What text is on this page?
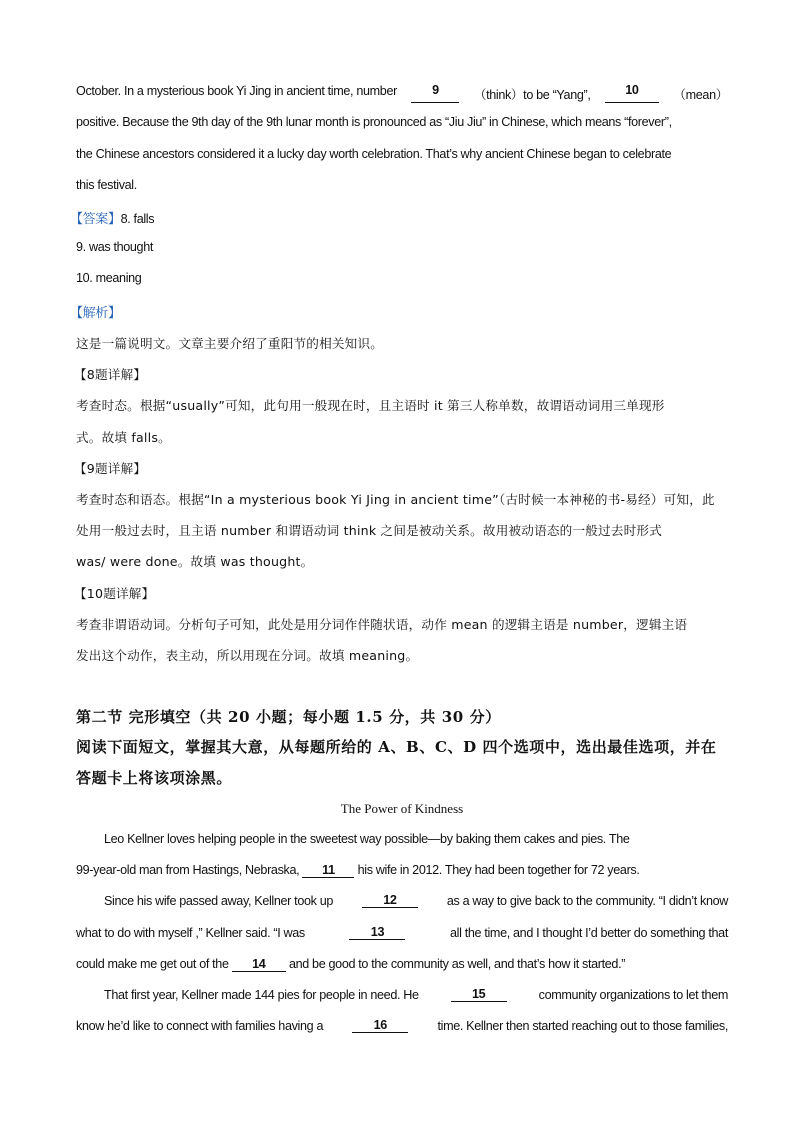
October. In a mysterious book Yi Jing in ancient time, number	9	（think）to be “Yang”,	10	（mean）
positive. Because the 9th day of the 9th lunar month is pronounced as “Jiu Jiu” in Chinese, which means “forever”,
the Chinese ancestors considered it a lucky day worth celebration. That’s why ancient Chinese began to celebrate
this festival.
【答案】8. falls
9. was thought
10. meaning
【解析】
这是一篇说明文。文章主要介绍了重阳节的相关知识。
【8题详解】
考查时态。根据“usually”可知，此句用一般现在时，且主语时 it 第三人称单数，故谓语动词用三单现形
式。故填 falls。
【9题详解】
考查时态和语态。根据“In a mysterious book Yi Jing in ancient time”（古时候一本神秘的书-易经）可知，此
处用一般过去时，且主语 number 和谓语动词 think 之间是被动关系。故用被动语态的一般过去时形式
was/ were done。故填 was thought。
【10题详解】
考查非谓语动词。分析句子可知，此处是用分词作伴随状语，动作 mean 的逻辑主语是 number，逻辑主语
发出这个动作，表主动，所以用现在分词。故填 meaning。
第二节 完形填空（共 20 小题；每小题 1.5 分，共 30 分）
阅读下面短文，掌握其大意，从每题所给的 A、B、C、D 四个选项中，选出最佳选项，并在
答题卡上将该项涂黑。
The Power of Kindness
Leo Kellner loves helping people in the sweetest way possible—by baking them cakes and pies. The
99-year-old man from Hastings, Nebraska, 11 his wife in 2012. They had been together for 72 years.
Since his wife passed away, Kellner took up	12	as a way to give back to the community. “I didn’t know
what to do with myself ,” Kellner said. “I was	13	all the time, and I thought I’d better do something that
could make me get out of the 14 and be good to the community as well, and that’s how it started.”
That first year, Kellner made 144 pies for people in need. He	15	community organizations to let them
know he’d like to connect with families having a	16	time. Kellner then started reaching out to those families,
